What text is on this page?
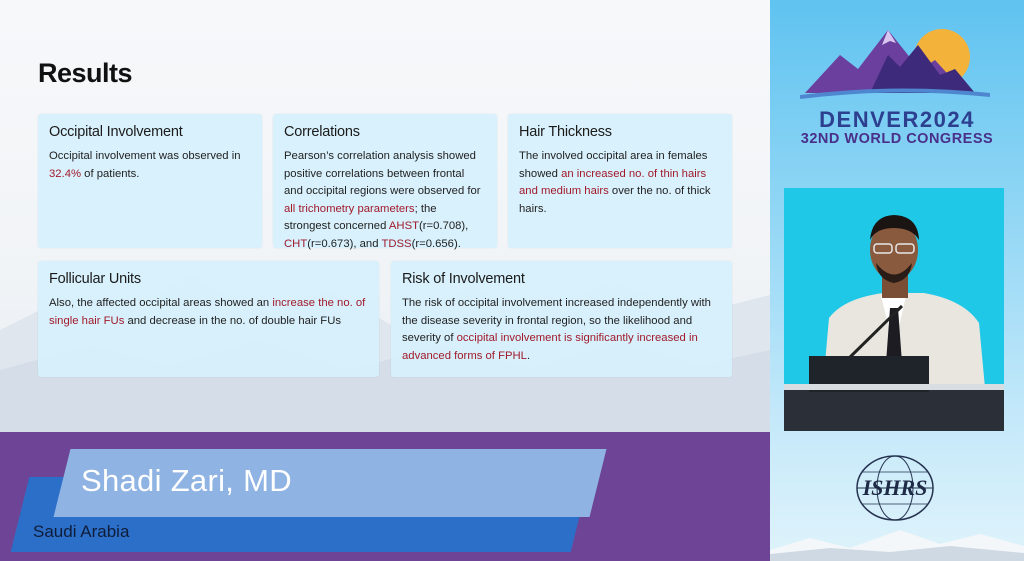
Results
Occipital Involvement

Occipital involvement was observed in 32.4% of patients.

Correlations

Pearson’s correlation analysis showed positive correlations between frontal and occipital regions were observed for all trichometry parameters; the strongest concerned AHST(r=0.708), CHT(r=0.673), and TDSS(r=0.656).

Hair Thickness

The involved occipital area in females showed an increased no. of thin hairs and medium hairs over the no. of thick hairs.

Follicular Units

Also, the affected occipital areas showed an increase the no. of single hair FUs and decrease in the no. of double hair FUs

Risk of Involvement

The risk of occipital involvement increased independently with the disease severity in frontal region, so the likelihood and severity of occipital involvement is significantly increased in advanced forms of FPHL.

Shadi Zari, MD
Saudi Arabia
DENVER2024
32ND WORLD CONGRESS
ISHRS
